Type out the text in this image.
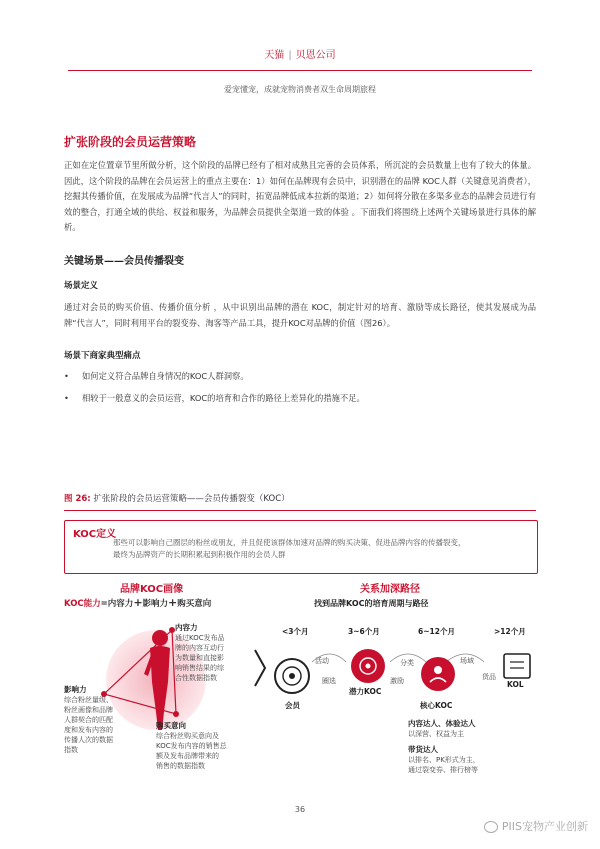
天猫 | 贝恩公司
爱宠懂宠，成就宠物消费者双生命周期旅程
扩张阶段的会员运营策略
正如在定位置章节里所做分析，这个阶段的品牌已经有了相对成熟且完善的会员体系，所沉淀的会员数量上也有了较大的体量。因此，这个阶段的品牌在会员运营上的重点主要在：1）如何在品牌现有会员中，识别潜在的品牌 KOC人群（关键意见消费者），挖掘其传播价值，在发展成为品牌“代言人”的同时，拓宽品牌低成本拉新的渠道；2）如何将分散在多渠多业态的品牌会员进行有效的整合，打通全域的供给、权益和服务，为品牌会员提供全渠道一致的体验 。下面我们将围绕上述两个关键场景进行具体的解析。
关键场景——会员传播裂变
场景定义
通过对会员的购买价值、传播价值分析 ，从中识别出品牌的潜在 KOC，制定针对的培育、激励等成长路径，使其发展成为品牌“代言人”，同时利用平台的裂变券、淘客等产品工具，提升KOC对品牌的价值（图26）。
场景下商家典型痛点
• 如何定义符合品牌自身情况的KOC人群洞察。
• 相较于一般意义的会员运营，KOC的培育和合作的路径上差异化的措施不足。
图 26: 扩张阶段的会员运营策略——会员传播裂变（KOC）
KOC定义
那些可以影响自己圈层的粉丝或朋友，并且促使该群体加速对品牌的购买决策、促进品牌内容的传播裂变，
最终为品牌资产的长期积累起到积极作用的会员人群
品牌KOC画像
KOC能力=内容力+影响力+购买意向
内容力
通过KOC发布品
牌的内容互动行
为数量和直接影
响销售结果的综
合性数据指数
影响力
综合粉丝量级、
粉丝画像和品牌
人群契合的匹配
度和发布内容的
传播人次的数据
指数
购买意向
综合粉丝购买意向及
KOC发布内容的销售总
额及发布品牌带来的
销售的数据指数
关系加深路径
找到品牌KOC的培育周期与路径
<3个月	3~6个月	6~12个月	>12个月
会员
潜力KOC
核心KOC
KOL
活动
圈选
分类
激励
场域
货品
内容达人、体验达人
以深营、权益为主
带货达人
以排名、PK形式为主，
通过裂变券、排行榜等
36
PIIS宠物产业创新
